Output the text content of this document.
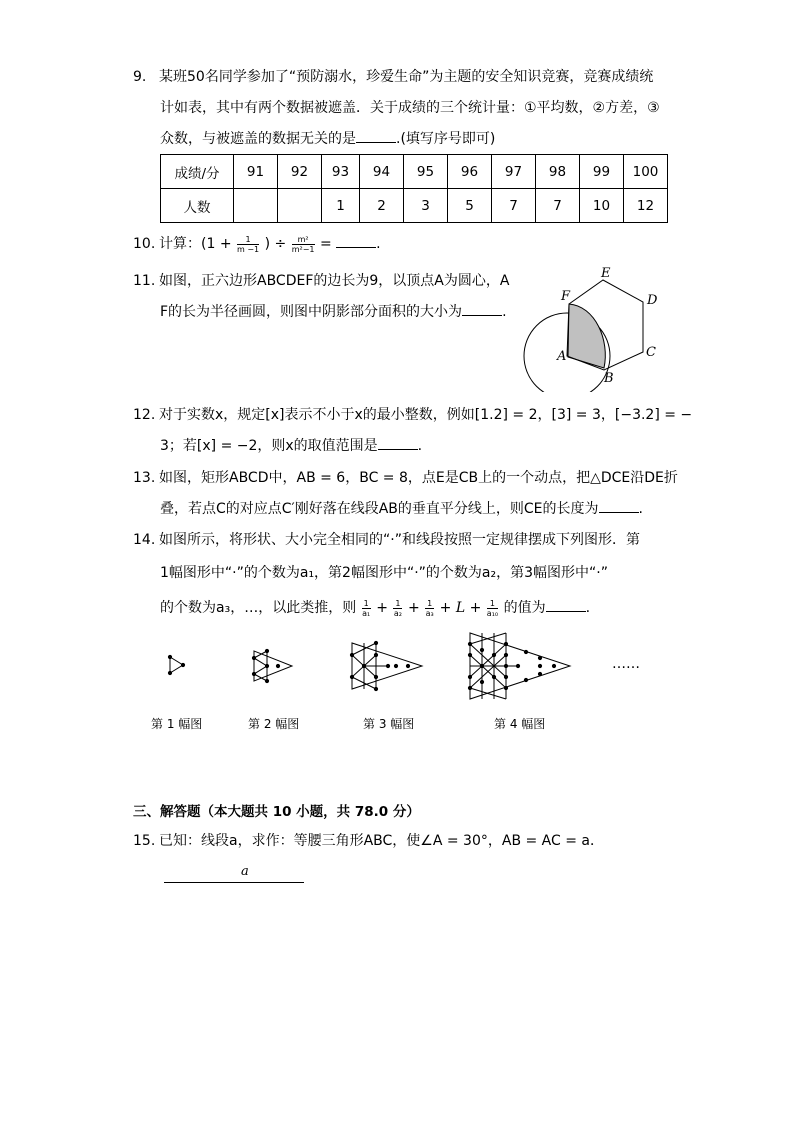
9. 某班50名同学参加了“预防溺水，珍爱生命”为主题的安全知识竞赛，竞赛成绩统
计如表，其中有两个数据被遮盖．关于成绩的三个统计量：①平均数，②方差，③
众数，与被遮盖的数据无关的是	.(填写序号即可)
成绩/分	91	92	93	94	95	96	97	98	99	100
人数			1	2	3	5	7	7	10	12
10. 计算：($1 + \frac{1}{m -1}$ ) ÷ $\frac{\text{m²}}{\text{m²−1}}$ =	.
11. 如图，正六边形ABCDEF的边长为9，以顶点A为圆心，A
F的长为半径画圆，则图中阴影部分面积的大小为	.
E
D
F
C
A
B
12. 对于实数x，规定[x]表示不小于x的最小整数，例如[1.2] = 2，[3] = 3，[−3.2] = −
3；若[x] = −2，则x的取值范围是	.
13. 如图，矩形ABCD中，AB = 6，BC = 8，点E是CB上的一个动点，把△DCE沿DE折
叠，若点C的对应点C′刚好落在线段AB的垂直平分线上，则CE的长度为	.
14. 如图所示，将形状、大小完全相同的“·”和线段按照一定规律摆成下列图形．第
1幅图形中“·”的个数为a₁，第2幅图形中“·”的个数为a₂，第3幅图形中“·”
的个数为a₃，…，以此类推，则 $\frac{1}{\text{a₁}} + \frac{1}{\text{a₂}} + \frac{1}{\text{a₃}} + L + \frac{1}{\text{a₁₀}}$ 的值为	.
……
第 1 幅图	第 2 幅图	第 3 幅图	第 4 幅图
三、解答题（本大题共 10 小题，共 78.0 分）
15. 已知：线段a，求作：等腰三角形ABC，使∠A = 30°，AB = AC = a．
a
